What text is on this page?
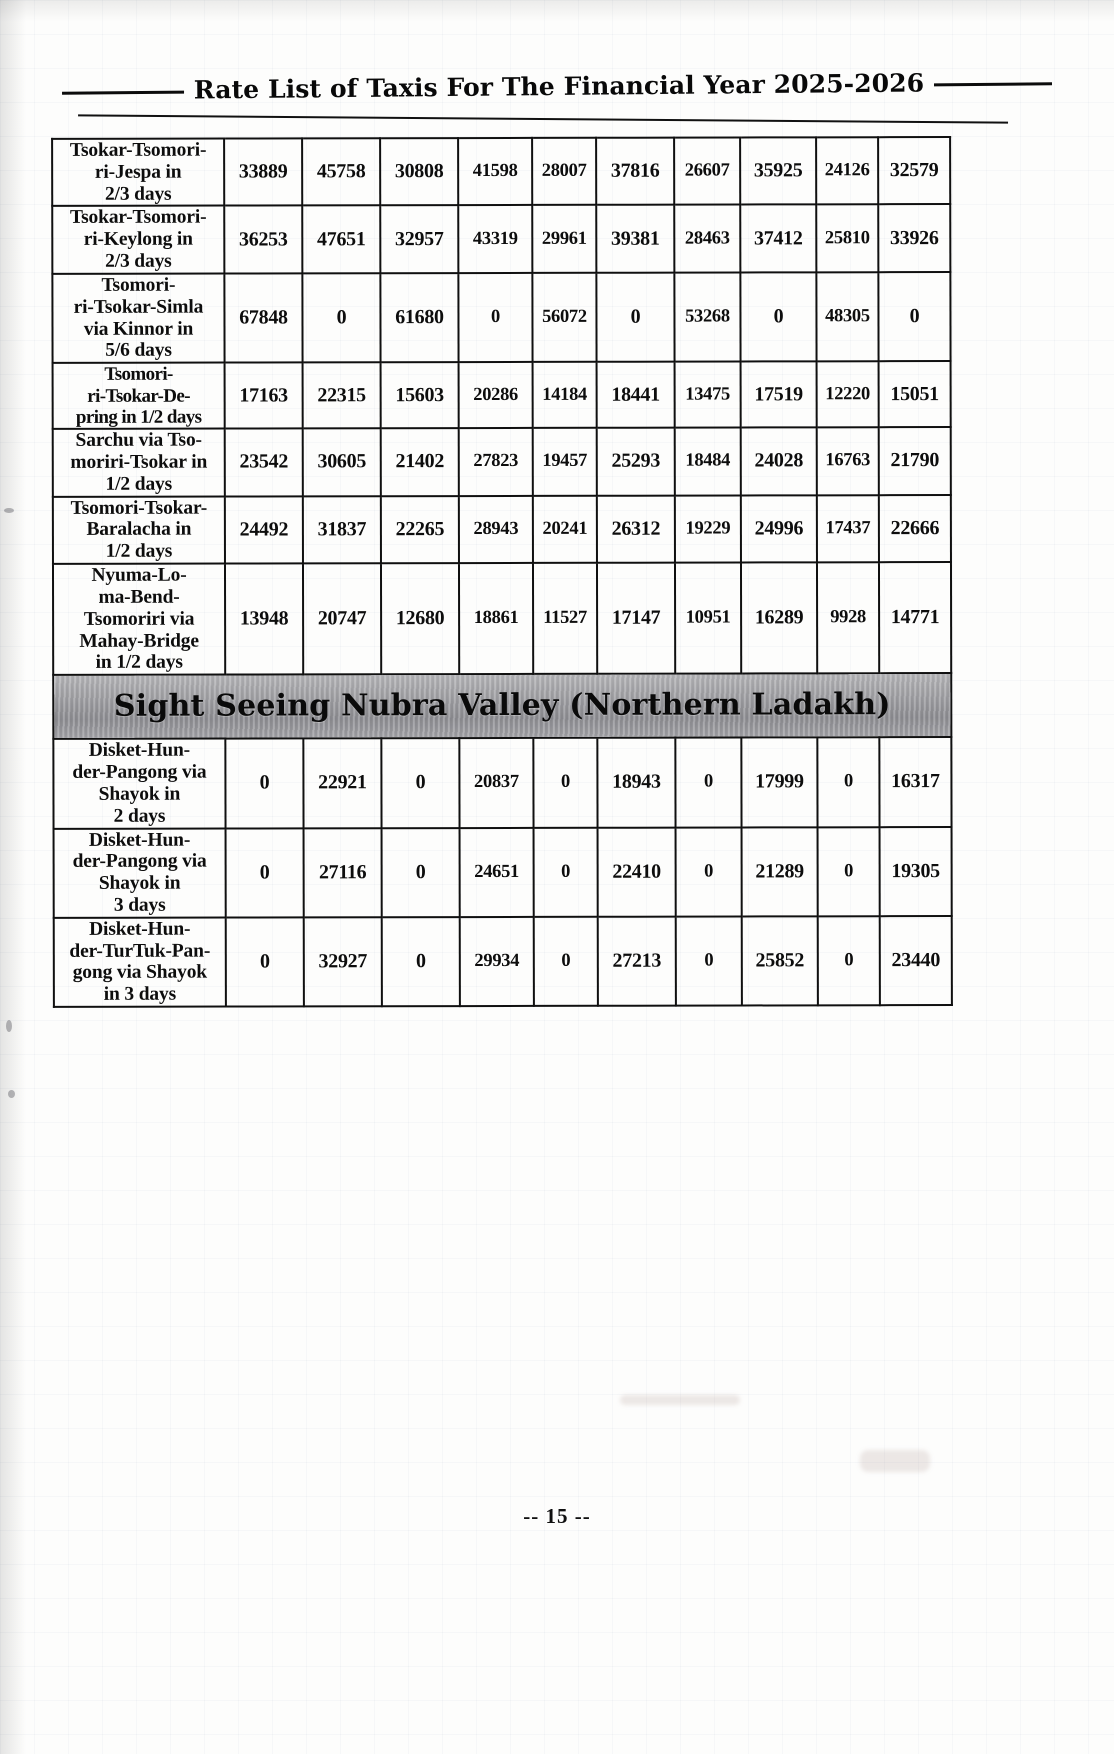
Rate List of Taxis For The Financial Year 2025-2026
Tsokar-Tsomori-
ri-Jespa in
2/3 days	33889	45758	30808	41598	28007	37816	26607	35925	24126	32579
Tsokar-Tsomori-
ri-Keylong in
2/3 days	36253	47651	32957	43319	29961	39381	28463	37412	25810	33926
Tsomori-
ri-Tsokar-Simla
via Kinnor in
5/6 days	67848	0	61680	0	56072	0	53268	0	48305	0
Tsomori-
ri-Tsokar-De-
pring in 1/2 days	17163	22315	15603	20286	14184	18441	13475	17519	12220	15051
Sarchu via Tso-
moriri-Tsokar in
1/2 days	23542	30605	21402	27823	19457	25293	18484	24028	16763	21790
Tsomori-Tsokar-
Baralacha in
1/2 days	24492	31837	22265	28943	20241	26312	19229	24996	17437	22666
Nyuma-Lo-
ma-Bend-
Tsomoriri via
Mahay-Bridge
in 1/2 days	13948	20747	12680	18861	11527	17147	10951	16289	9928	14771

Sight Seeing Nubra Valley (Northern Ladakh)										

Disket-Hun-
der-Pangong via
Shayok in
2 days	0	22921	0	20837	0	18943	0	17999	0	16317
Disket-Hun-
der-Pangong via
Shayok in
3 days	0	27116	0	24651	0	22410	0	21289	0	19305
Disket-Hun-
der-TurTuk-Pan-
gong via Shayok
in 3 days	0	32927	0	29934	0	27213	0	25852	0	23440
-- 15 --
